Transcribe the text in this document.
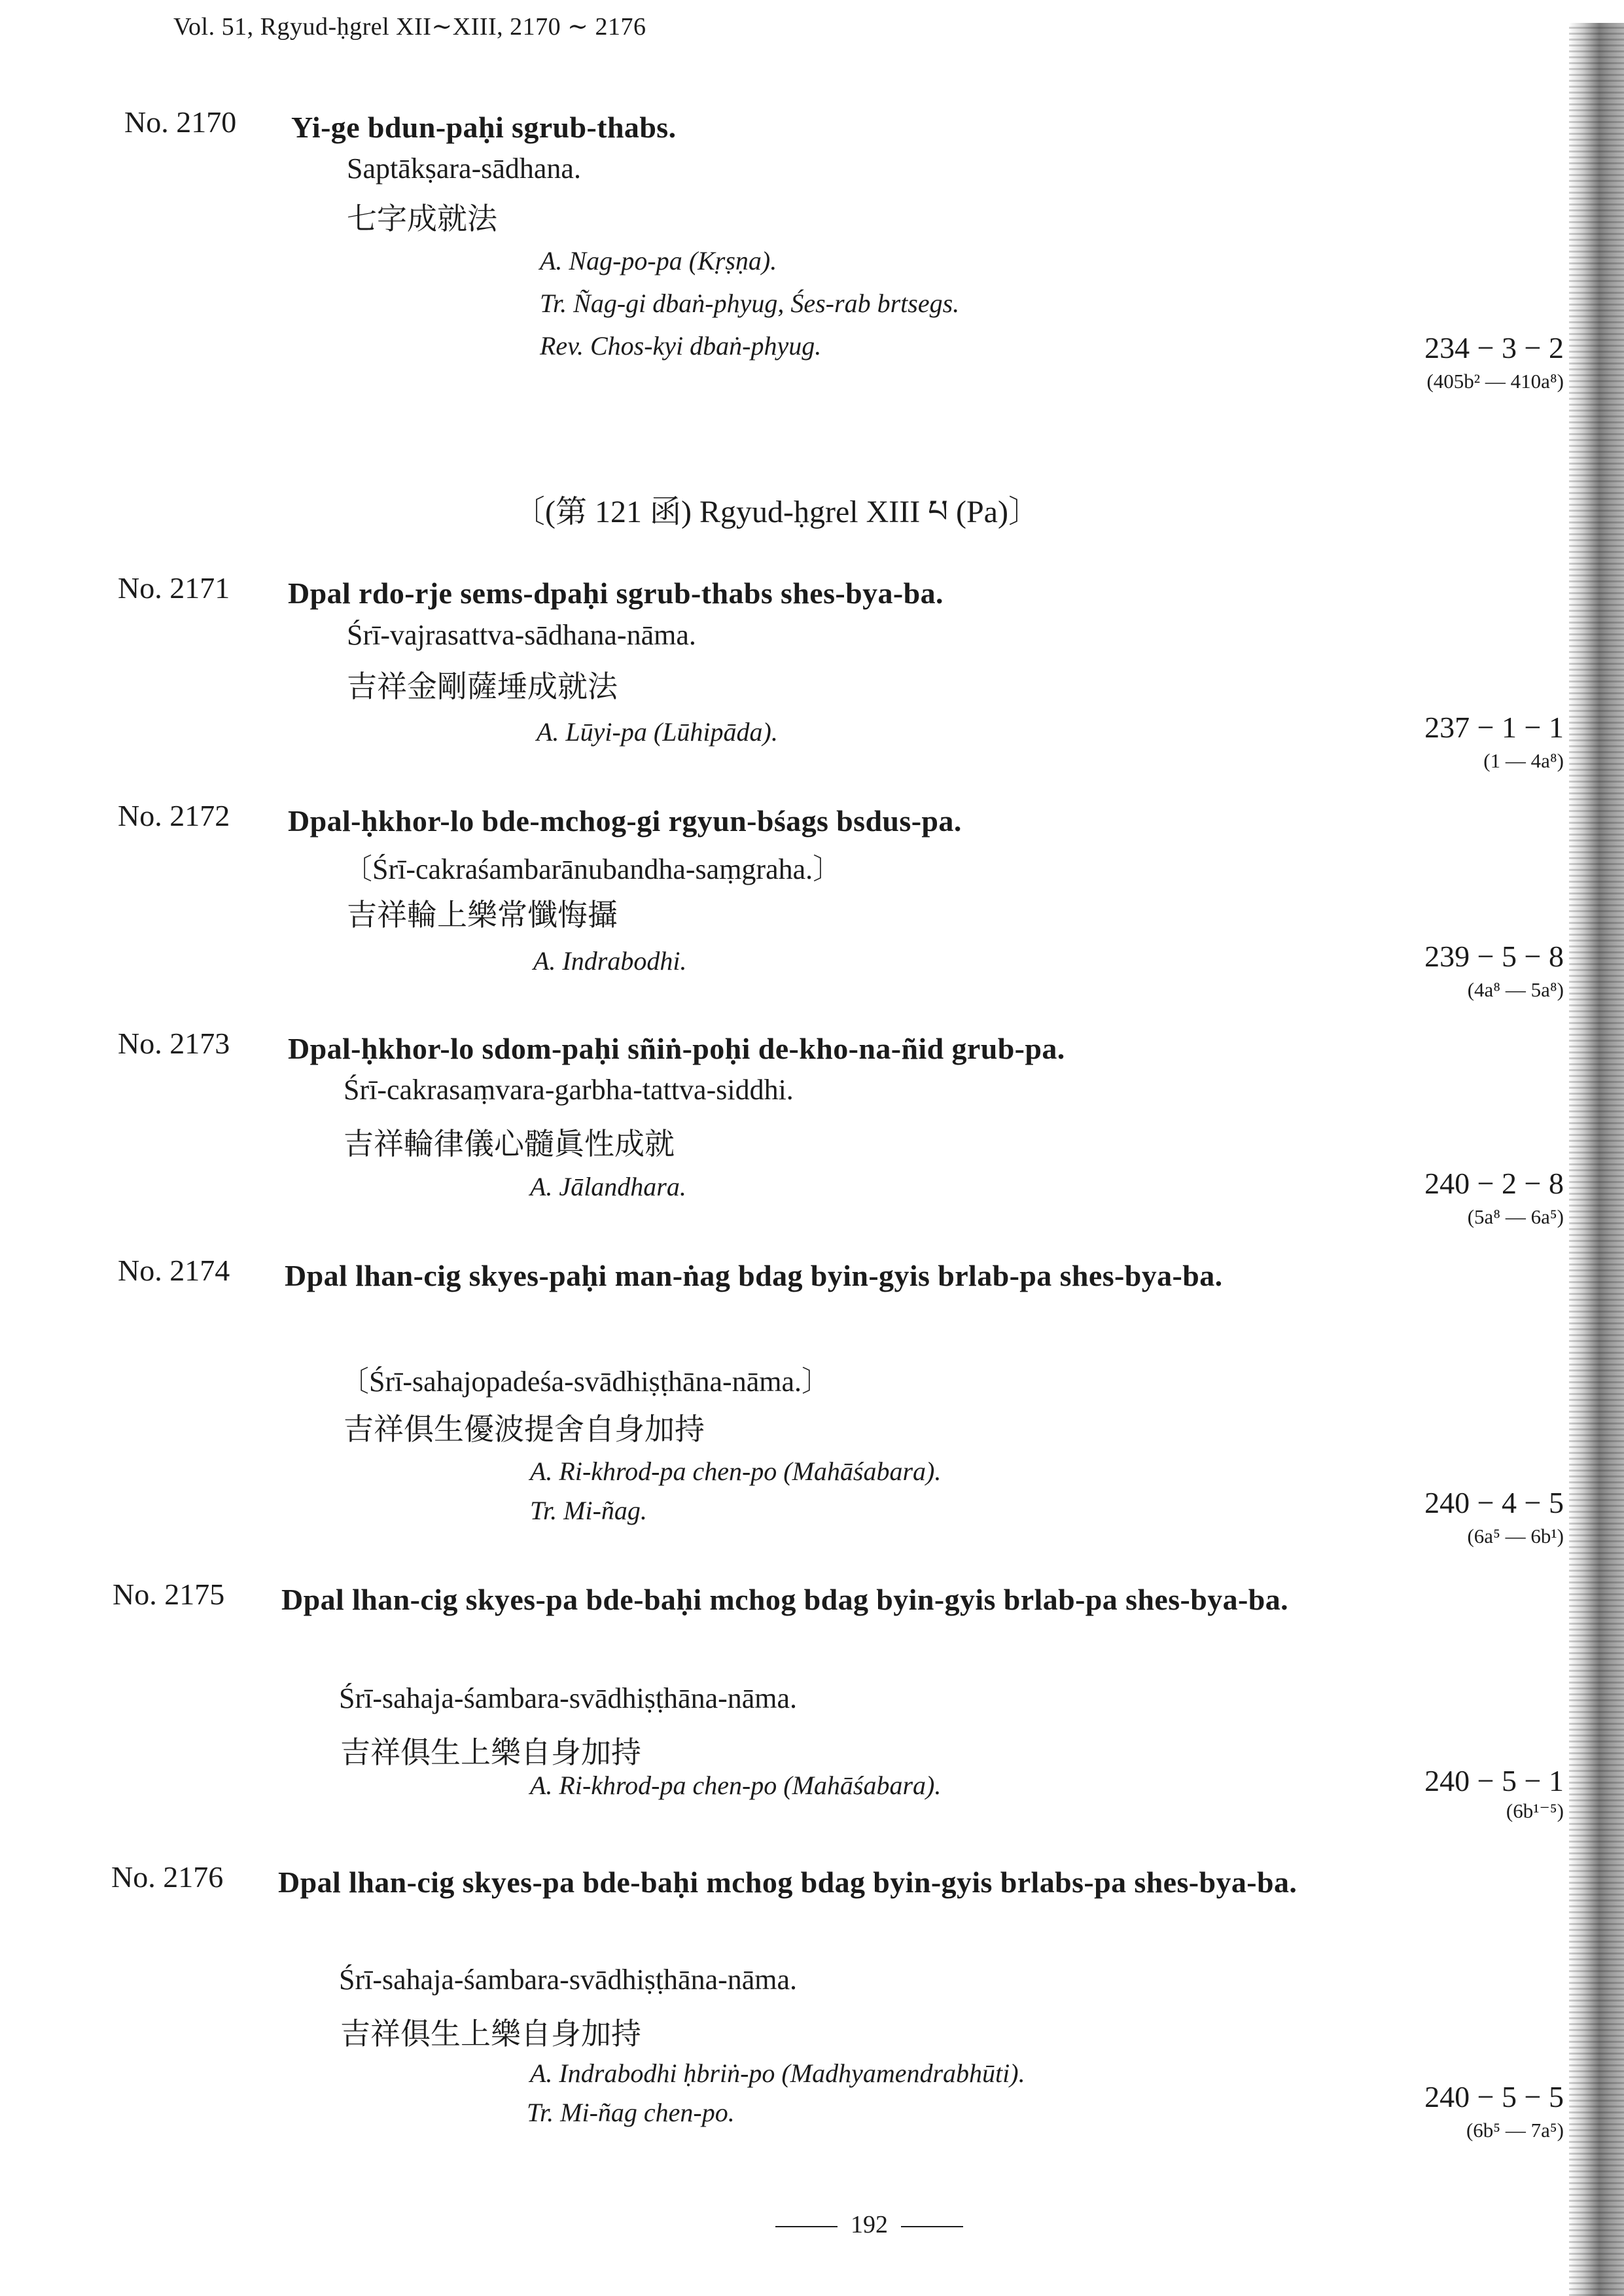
Vol. 51, Rgyud-ḥgrel XII∼XIII, 2170 ∼ 2176
No. 2170 Yi-ge bdun-paḥi sgrub-thabs.
Saptākṣara-sādhana.
七字成就法
A. Nag-po-pa (Kṛṣṇa).
Tr. Ñag-gi dbaṅ-phyug, Śes-rab brtsegs.
Rev. Chos-kyi dbaṅ-phyug.	234 − 3 − 2
(405b² — 410a⁸)
〔(第 121 函) Rgyud-ḥgrel XIII པ (Pa)〕
No. 2171 Dpal rdo-rje sems-dpaḥi sgrub-thabs shes-bya-ba.
Śrī-vajrasattva-sādhana-nāma.
吉祥金剛薩埵成就法
A. Lūyi-pa (Lūhipāda).	237 − 1 − 1
(1 — 4a⁸)
No. 2172 Dpal-ḥkhor-lo bde-mchog-gi rgyun-bśags bsdus-pa.
〔Śrī-cakraśambarānubandha-saṃgraha.〕
吉祥輪上樂常懺悔攝
A. Indrabodhi.	239 − 5 − 8
(4a⁸ — 5a⁸)
No. 2173 Dpal-ḥkhor-lo sdom-paḥi sñiṅ-poḥi de-kho-na-ñid grub-pa.
Śrī-cakrasaṃvara-garbha-tattva-siddhi.
吉祥輪律儀心髓眞性成就
A. Jālandhara.	240 − 2 − 8
(5a⁸ — 6a⁵)
No. 2174 Dpal lhan-cig skyes-paḥi man-ṅag bdag byin-gyis brlab-pa shes-bya-ba.
〔Śrī-sahajopadeśa-svādhiṣṭhāna-nāma.〕
吉祥俱生優波提舍自身加持
A. Ri-khrod-pa chen-po (Mahāśabara).
Tr. Mi-ñag.	240 − 4 − 5
(6a⁵ — 6b¹)
No. 2175 Dpal lhan-cig skyes-pa bde-baḥi mchog bdag byin-gyis brlab-pa shes-bya-ba.
Śrī-sahaja-śambara-svādhiṣṭhāna-nāma.
吉祥俱生上樂自身加持
A. Ri-khrod-pa chen-po (Mahāśabara).	240 − 5 − 1
(6b¹⁻⁵)
No. 2176 Dpal lhan-cig skyes-pa bde-baḥi mchog bdag byin-gyis brlabs-pa shes-bya-ba.
Śrī-sahaja-śambara-svādhiṣṭhāna-nāma.
吉祥俱生上樂自身加持
A. Indrabodhi ḥbriṅ-po (Madhyamendrabhūti).
Tr. Mi-ñag chen-po.	240 − 5 − 5
(6b⁵ — 7a⁵)
192
